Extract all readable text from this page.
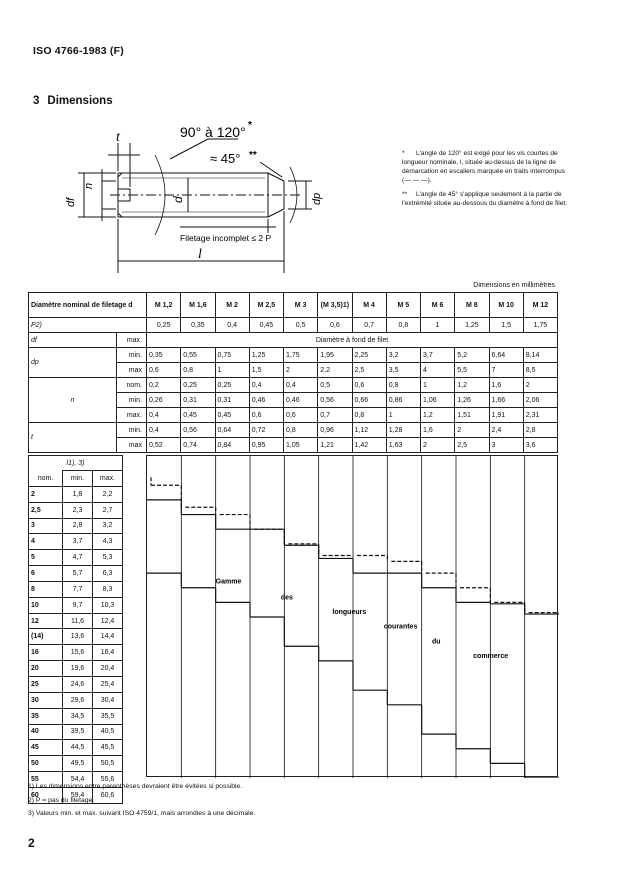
ISO 4766-1983 (F)
3 Dimensions
t	90° à 120° *
≈ 45° **
n
df	d	dp
Filetage incomplet ≤ 2 P
l

* L'angle de 120° est exigé pour les vis courtes de longueur nominale, l, située au-dessus de la ligne de démarcation en escaliers marquée en traits interrompus (— — —).

** L'angle de 45° s'applique seulement à la partie de l'extrémité située au-dessous du diamètre à fond de filet.

Dimensions en millimètres
Diamètre nominal de filetage d		M 1,2	M 1,6	M 2	M 2,5	M 3	(M 3,5)1)	M 4	M 5	M 6	M 8	M 10	M 12
P2)		0,25	0,35	0,4	0,45	0,5	0,6	0,7	0,8	1	1,25	1,5	1,75
df	max.	Diamètre à fond de filet											
dp	min.	0,35	0,55	0,75	1,25	1,75	1,95	2,25	3,2	3,7	5,2	6,64	8,14
	max	0,6	0,8	1	1,5	2	2,2	2,5	3,5	4	5,5	7	8,5
n	nom.	0,2	0,25	0,25	0,4	0,4	0,5	0,6	0,8	1	1,2	1,6	2
	min.	0,26	0,31	0,31	0,46	0,46	0,56	0,66	0,86	1,06	1,26	1,66	2,06
	max.	0,4	0,45	0,45	0,6	0,6	0,7	0,8	1	1,2	1,51	1,91	2,31
t	min.	0,4	0,56	0,64	0,72	0,8	0,96	1,12	1,28	1,6	2	2,4	2,8
	max	0,52	0,74	0,84	0,95	1,05	1,21	1,42	1,63	2	2,5	3	3,6
l1), 3)		
nom.	min.	max.
2	1,8	2,2
2,5	2,3	2,7
3	2,8	3,2
4	3,7	4,3
5	4,7	5,3
6	5,7	6,3
8	7,7	8,3
10	9,7	10,3
12	11,6	12,4
(14)	13,6	14,4
16	15,6	16,4
20	19,6	20,4
25	24,6	25,4
30	29,6	30,4
35	34,5	35,5
40	39,5	40,5
45	44,5	45,5
50	49,5	50,5
55	54,4	55,6
60	59,4	60,6
Gamme
des
longueurs
courantes
du
commerce
1) Les dimensions entre parenthèses devraient être évitées si possible.
2) P = pas du filetage.
3) Valeurs min. et max. suivant ISO 4759/1, mais arrondies à une décimale.
2
